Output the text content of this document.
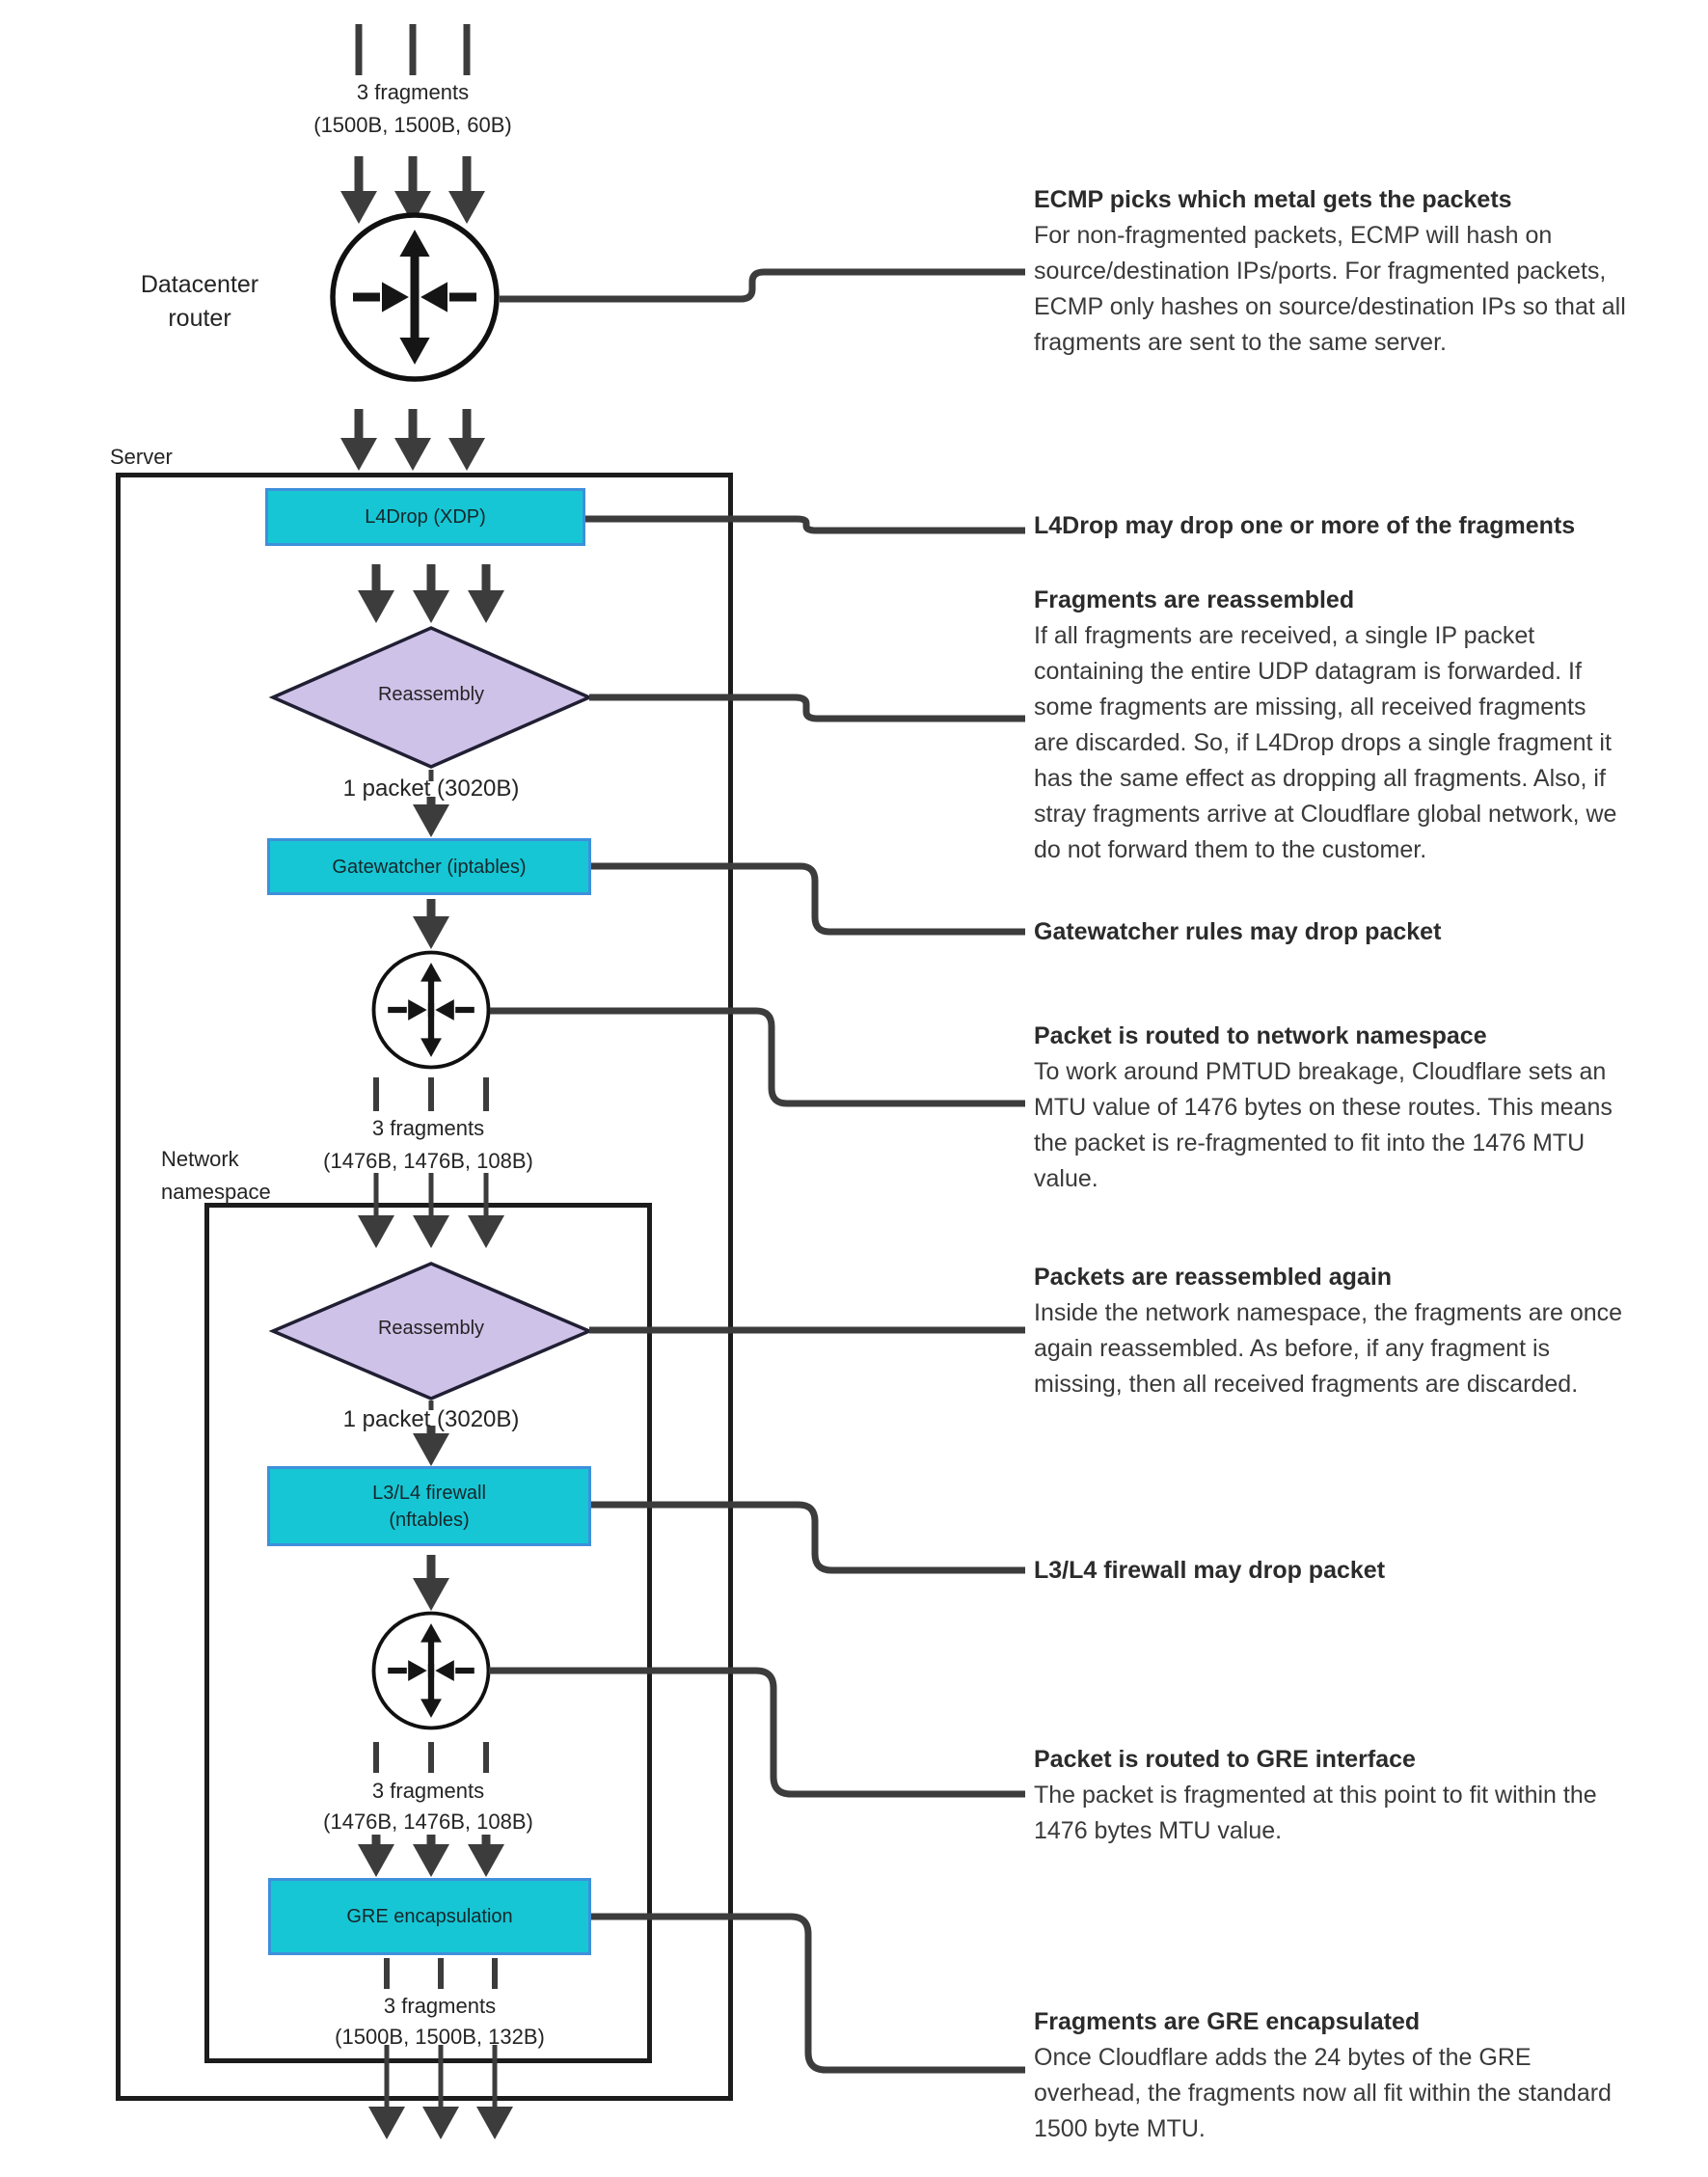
L4Drop (XDP)
Gatewatcher (iptables)
L3/L4 firewall
(nftables)
GRE encapsulation
Reassembly
Reassembly
3 fragments
(1500B, 1500B, 60B)
Datacenter router
Server
1 packet (3020B)
3 fragments
(1476B, 1476B, 108B)
Network namespace
1 packet (3020B)
3 fragments
(1476B, 1476B, 108B)
3 fragments
(1500B, 1500B, 132B)
ECMP picks which metal gets the packets
For non-fragmented packets, ECMP will hash on
source/destination IPs/ports. For fragmented packets,
ECMP only hashes on source/destination IPs so that all
fragments are sent to the same server.
L4Drop may drop one or more of the fragments
Fragments are reassembled
If all fragments are received, a single IP packet
containing the entire UDP datagram is forwarded. If
some fragments are missing, all received fragments
are discarded. So, if L4Drop drops a single fragment it
has the same effect as dropping all fragments. Also, if
stray fragments arrive at Cloudflare global network, we
do not forward them to the customer.
Gatewatcher rules may drop packet
Packet is routed to network namespace
To work around PMTUD breakage, Cloudflare sets an
MTU value of 1476 bytes on these routes. This means
the packet is re-fragmented to fit into the 1476 MTU
value.
Packets are reassembled again
Inside the network namespace, the fragments are once
again reassembled. As before, if any fragment is
missing, then all received fragments are discarded.
L3/L4 firewall may drop packet
Packet is routed to GRE interface
The packet is fragmented at this point to fit within the
1476 bytes MTU value.
Fragments are GRE encapsulated
Once Cloudflare adds the 24 bytes of the GRE
overhead, the fragments now all fit within the standard
1500 byte MTU.
